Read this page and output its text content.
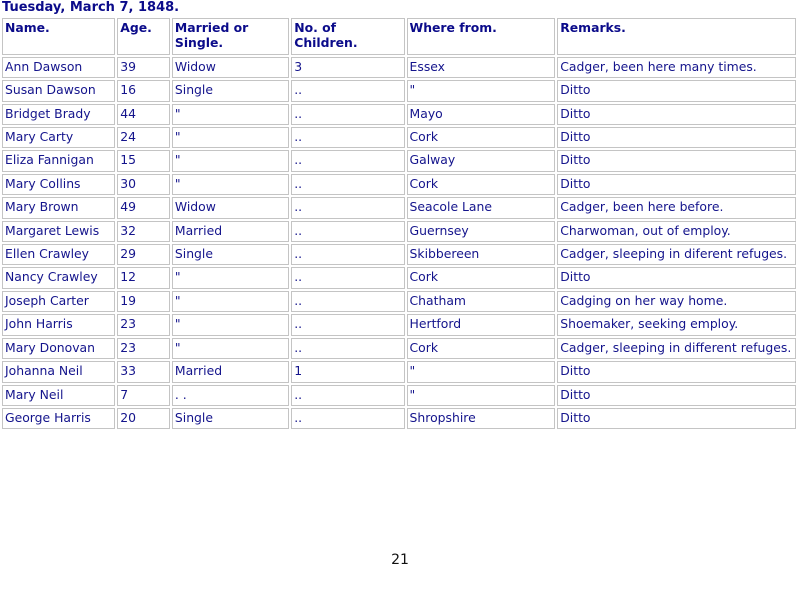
Tuesday, March 7, 1848.
Name.	Age.	Married or Single.	No. of Children.	Where from.	Remarks.
Ann Dawson	39	Widow	3	Essex	Cadger, been here many times.
Susan Dawson	16	Single	..	"	Ditto
Bridget Brady	44	"	..	Mayo	Ditto
Mary Carty	24	"	..	Cork	Ditto
Eliza Fannigan	15	"	..	Galway	Ditto
Mary Collins	30	"	..	Cork	Ditto
Mary Brown	49	Widow	..	Seacole Lane	Cadger, been here before.
Margaret Lewis	32	Married	..	Guernsey	Charwoman, out of employ.
Ellen Crawley	29	Single	..	Skibbereen	Cadger, sleeping in diferent refuges.
Nancy Crawley	12	"	..	Cork	Ditto
Joseph Carter	19	"	..	Chatham	Cadging on her way home.
John Harris	23	"	..	Hertford	Shoemaker, seeking employ.
Mary Donovan	23	"	..	Cork	Cadger, sleeping in different refuges.
Johanna Neil	33	Married	1	"	Ditto
Mary Neil	7	. .	..	"	Ditto
George Harris	20	Single	..	Shropshire	Ditto
21
